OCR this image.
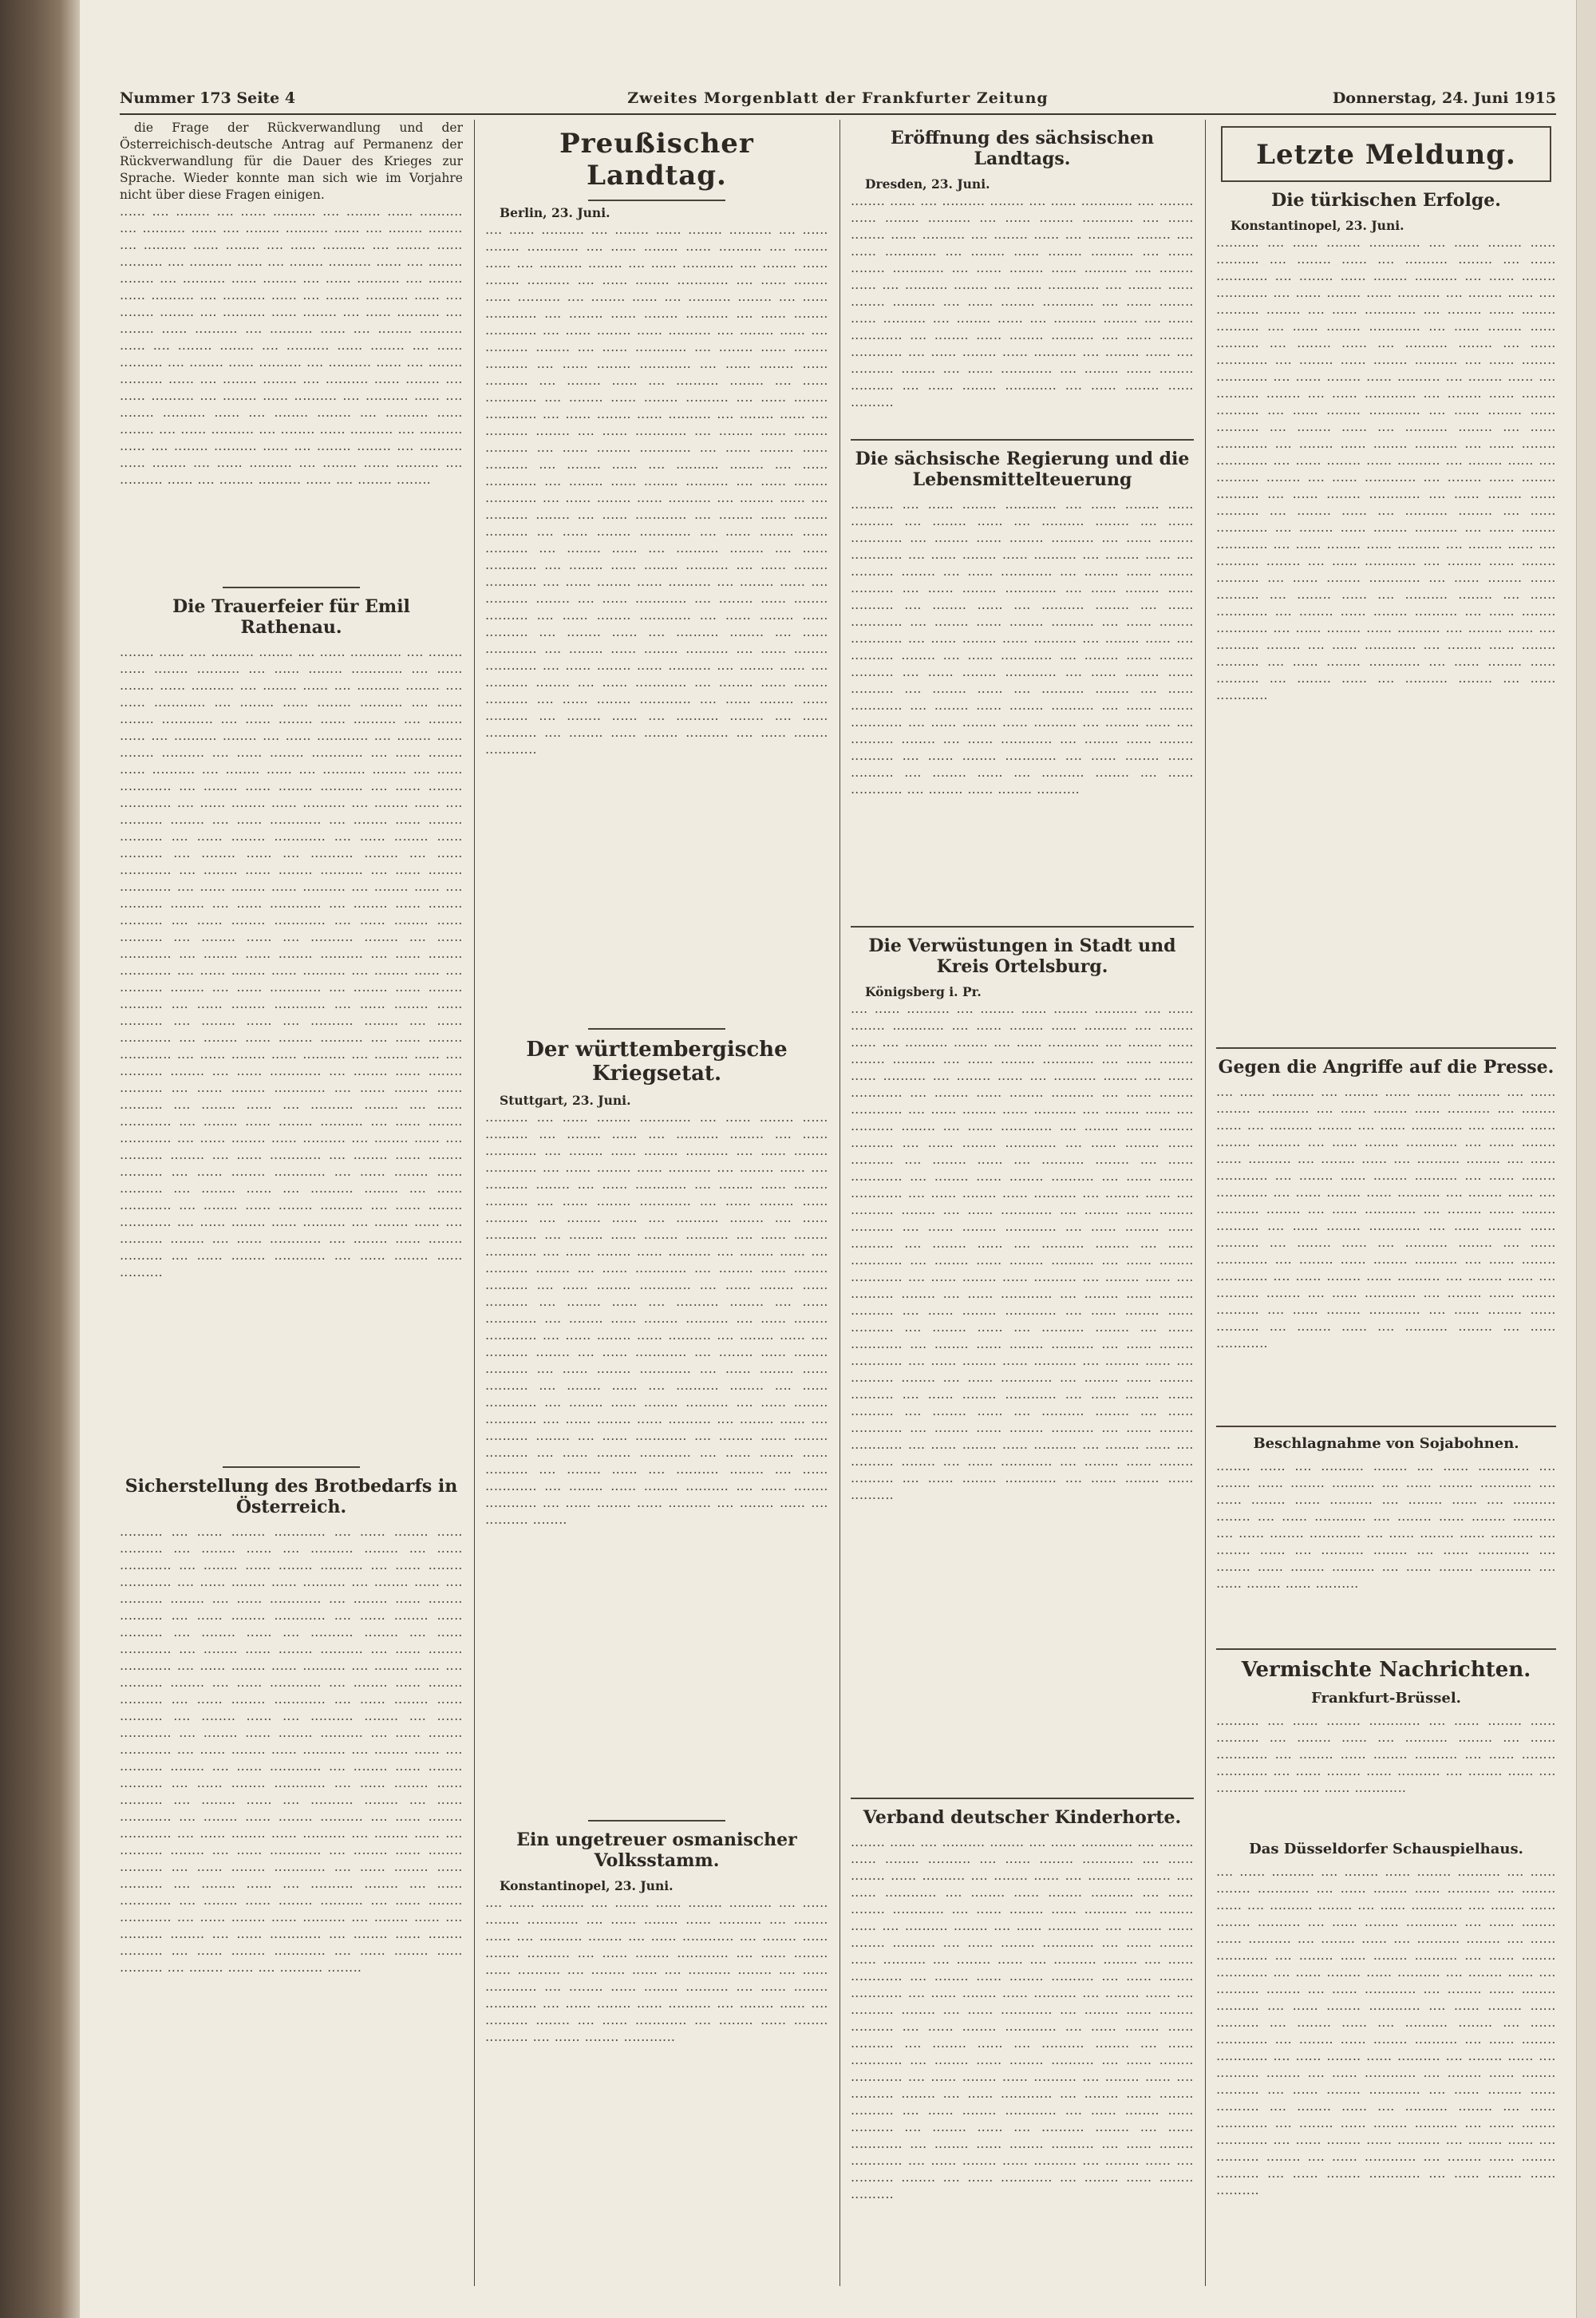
Nummer 173 Seite 4	Zweites Morgenblatt der Frankfurter Zeitung	Donnerstag, 24. Juni 1915

die Frage der Rückverwandlung und der Österreichisch-deutsche Antrag auf Permanenz der Rückverwandlung für die Dauer des Krieges zur Sprache. Wieder konnte man sich wie im Vorjahre nicht über diese Fragen einigen.

‥‥‥ ‥‥ ‥‥‥‥ ‥‥ ‥‥‥ ‥‥‥‥‥ ‥‥ ‥‥‥‥ ‥‥‥ ‥‥‥‥‥ ‥‥ ‥‥‥‥‥ ‥‥‥ ‥‥ ‥‥‥‥ ‥‥‥‥‥ ‥‥‥ ‥‥ ‥‥‥‥ ‥‥‥‥ ‥‥ ‥‥‥‥‥ ‥‥‥ ‥‥‥‥ ‥‥ ‥‥‥ ‥‥‥‥‥ ‥‥ ‥‥‥‥ ‥‥‥ ‥‥‥‥‥ ‥‥ ‥‥‥‥‥ ‥‥‥ ‥‥ ‥‥‥‥ ‥‥‥‥‥ ‥‥‥ ‥‥ ‥‥‥‥ ‥‥‥‥ ‥‥ ‥‥‥‥‥ ‥‥‥ ‥‥‥‥ ‥‥ ‥‥‥ ‥‥‥‥‥ ‥‥ ‥‥‥‥ ‥‥‥ ‥‥‥‥‥ ‥‥ ‥‥‥‥‥ ‥‥‥ ‥‥ ‥‥‥‥ ‥‥‥‥‥ ‥‥‥ ‥‥ ‥‥‥‥ ‥‥‥‥ ‥‥ ‥‥‥‥‥ ‥‥‥ ‥‥‥‥ ‥‥ ‥‥‥ ‥‥‥‥‥ ‥‥ ‥‥‥‥ ‥‥‥ ‥‥‥‥‥ ‥‥ ‥‥‥‥‥ ‥‥‥ ‥‥ ‥‥‥‥ ‥‥‥‥‥ ‥‥‥ ‥‥ ‥‥‥‥ ‥‥‥‥ ‥‥ ‥‥‥‥‥ ‥‥‥ ‥‥‥‥ ‥‥ ‥‥‥ ‥‥‥‥‥ ‥‥ ‥‥‥‥ ‥‥‥ ‥‥‥‥‥ ‥‥ ‥‥‥‥‥ ‥‥‥ ‥‥ ‥‥‥‥ ‥‥‥‥‥ ‥‥‥ ‥‥ ‥‥‥‥ ‥‥‥‥ ‥‥ ‥‥‥‥‥ ‥‥‥ ‥‥‥‥ ‥‥ ‥‥‥ ‥‥‥‥‥ ‥‥ ‥‥‥‥ ‥‥‥ ‥‥‥‥‥ ‥‥ ‥‥‥‥‥ ‥‥‥ ‥‥ ‥‥‥‥ ‥‥‥‥‥ ‥‥‥ ‥‥ ‥‥‥‥ ‥‥‥‥ ‥‥ ‥‥‥‥‥ ‥‥‥ ‥‥‥‥ ‥‥ ‥‥‥ ‥‥‥‥‥ ‥‥ ‥‥‥‥ ‥‥‥ ‥‥‥‥‥ ‥‥ ‥‥‥‥‥ ‥‥‥ ‥‥ ‥‥‥‥ ‥‥‥‥‥ ‥‥‥ ‥‥ ‥‥‥‥ ‥‥‥‥ ‥‥ ‥‥‥‥‥ ‥‥‥ ‥‥‥‥ ‥‥ ‥‥‥ ‥‥‥‥‥ ‥‥ ‥‥‥‥ ‥‥‥ ‥‥‥‥‥ ‥‥ ‥‥‥‥‥ ‥‥‥ ‥‥ ‥‥‥‥ ‥‥‥‥‥ ‥‥‥ ‥‥ ‥‥‥‥ ‥‥‥‥
Die Trauerfeier für Emil Rathenau.
‥‥‥‥ ‥‥‥ ‥‥ ‥‥‥‥‥ ‥‥‥‥ ‥‥ ‥‥‥ ‥‥‥‥‥‥ ‥‥ ‥‥‥‥ ‥‥‥ ‥‥‥‥ ‥‥‥‥‥ ‥‥ ‥‥‥ ‥‥‥‥ ‥‥‥‥‥‥ ‥‥ ‥‥‥ ‥‥‥‥ ‥‥‥ ‥‥‥‥‥ ‥‥ ‥‥‥‥ ‥‥‥ ‥‥ ‥‥‥‥‥ ‥‥‥‥ ‥‥ ‥‥‥ ‥‥‥‥‥‥ ‥‥ ‥‥‥‥ ‥‥‥ ‥‥‥‥ ‥‥‥‥‥ ‥‥ ‥‥‥ ‥‥‥‥ ‥‥‥‥‥‥ ‥‥ ‥‥‥ ‥‥‥‥ ‥‥‥ ‥‥‥‥‥ ‥‥ ‥‥‥‥ ‥‥‥ ‥‥ ‥‥‥‥‥ ‥‥‥‥ ‥‥ ‥‥‥ ‥‥‥‥‥‥ ‥‥ ‥‥‥‥ ‥‥‥ ‥‥‥‥ ‥‥‥‥‥ ‥‥ ‥‥‥ ‥‥‥‥ ‥‥‥‥‥‥ ‥‥ ‥‥‥ ‥‥‥‥ ‥‥‥ ‥‥‥‥‥ ‥‥ ‥‥‥‥ ‥‥‥ ‥‥ ‥‥‥‥‥ ‥‥‥‥ ‥‥ ‥‥‥ ‥‥‥‥‥‥ ‥‥ ‥‥‥‥ ‥‥‥ ‥‥‥‥ ‥‥‥‥‥ ‥‥ ‥‥‥ ‥‥‥‥ ‥‥‥‥‥‥ ‥‥ ‥‥‥ ‥‥‥‥ ‥‥‥ ‥‥‥‥‥ ‥‥ ‥‥‥‥ ‥‥‥ ‥‥ ‥‥‥‥‥ ‥‥‥‥ ‥‥ ‥‥‥ ‥‥‥‥‥‥ ‥‥ ‥‥‥‥ ‥‥‥ ‥‥‥‥ ‥‥‥‥‥ ‥‥ ‥‥‥ ‥‥‥‥ ‥‥‥‥‥‥ ‥‥ ‥‥‥ ‥‥‥‥ ‥‥‥ ‥‥‥‥‥ ‥‥ ‥‥‥‥ ‥‥‥ ‥‥ ‥‥‥‥‥ ‥‥‥‥ ‥‥ ‥‥‥ ‥‥‥‥‥‥ ‥‥ ‥‥‥‥ ‥‥‥ ‥‥‥‥ ‥‥‥‥‥ ‥‥ ‥‥‥ ‥‥‥‥ ‥‥‥‥‥‥ ‥‥ ‥‥‥ ‥‥‥‥ ‥‥‥ ‥‥‥‥‥ ‥‥ ‥‥‥‥ ‥‥‥ ‥‥ ‥‥‥‥‥ ‥‥‥‥ ‥‥ ‥‥‥ ‥‥‥‥‥‥ ‥‥ ‥‥‥‥ ‥‥‥ ‥‥‥‥ ‥‥‥‥‥ ‥‥ ‥‥‥ ‥‥‥‥ ‥‥‥‥‥‥ ‥‥ ‥‥‥ ‥‥‥‥ ‥‥‥ ‥‥‥‥‥ ‥‥ ‥‥‥‥ ‥‥‥ ‥‥ ‥‥‥‥‥ ‥‥‥‥ ‥‥ ‥‥‥ ‥‥‥‥‥‥ ‥‥ ‥‥‥‥ ‥‥‥ ‥‥‥‥ ‥‥‥‥‥ ‥‥ ‥‥‥ ‥‥‥‥ ‥‥‥‥‥‥ ‥‥ ‥‥‥ ‥‥‥‥ ‥‥‥ ‥‥‥‥‥ ‥‥ ‥‥‥‥ ‥‥‥ ‥‥ ‥‥‥‥‥ ‥‥‥‥ ‥‥ ‥‥‥ ‥‥‥‥‥‥ ‥‥ ‥‥‥‥ ‥‥‥ ‥‥‥‥ ‥‥‥‥‥ ‥‥ ‥‥‥ ‥‥‥‥ ‥‥‥‥‥‥ ‥‥ ‥‥‥ ‥‥‥‥ ‥‥‥ ‥‥‥‥‥ ‥‥ ‥‥‥‥ ‥‥‥ ‥‥ ‥‥‥‥‥ ‥‥‥‥ ‥‥ ‥‥‥ ‥‥‥‥‥‥ ‥‥ ‥‥‥‥ ‥‥‥ ‥‥‥‥ ‥‥‥‥‥ ‥‥ ‥‥‥ ‥‥‥‥ ‥‥‥‥‥‥ ‥‥ ‥‥‥ ‥‥‥‥ ‥‥‥ ‥‥‥‥‥ ‥‥ ‥‥‥‥ ‥‥‥ ‥‥ ‥‥‥‥‥ ‥‥‥‥ ‥‥ ‥‥‥ ‥‥‥‥‥‥ ‥‥ ‥‥‥‥ ‥‥‥ ‥‥‥‥ ‥‥‥‥‥ ‥‥ ‥‥‥ ‥‥‥‥ ‥‥‥‥‥‥ ‥‥ ‥‥‥ ‥‥‥‥ ‥‥‥ ‥‥‥‥‥ ‥‥ ‥‥‥‥ ‥‥‥ ‥‥ ‥‥‥‥‥ ‥‥‥‥ ‥‥ ‥‥‥ ‥‥‥‥‥‥ ‥‥ ‥‥‥‥ ‥‥‥ ‥‥‥‥ ‥‥‥‥‥ ‥‥ ‥‥‥ ‥‥‥‥ ‥‥‥‥‥‥ ‥‥ ‥‥‥ ‥‥‥‥ ‥‥‥ ‥‥‥‥‥ ‥‥ ‥‥‥‥ ‥‥‥ ‥‥ ‥‥‥‥‥ ‥‥‥‥ ‥‥ ‥‥‥ ‥‥‥‥‥‥ ‥‥ ‥‥‥‥ ‥‥‥ ‥‥‥‥ ‥‥‥‥‥ ‥‥ ‥‥‥ ‥‥‥‥ ‥‥‥‥‥‥ ‥‥ ‥‥‥ ‥‥‥‥ ‥‥‥ ‥‥‥‥‥ ‥‥ ‥‥‥‥ ‥‥‥ ‥‥ ‥‥‥‥‥ ‥‥‥‥ ‥‥ ‥‥‥ ‥‥‥‥‥‥ ‥‥ ‥‥‥‥ ‥‥‥ ‥‥‥‥ ‥‥‥‥‥ ‥‥ ‥‥‥ ‥‥‥‥ ‥‥‥‥‥‥ ‥‥ ‥‥‥ ‥‥‥‥ ‥‥‥ ‥‥‥‥‥ ‥‥ ‥‥‥‥ ‥‥‥ ‥‥ ‥‥‥‥‥ ‥‥‥‥ ‥‥ ‥‥‥ ‥‥‥‥‥‥ ‥‥ ‥‥‥‥ ‥‥‥ ‥‥‥‥ ‥‥‥‥‥ ‥‥ ‥‥‥ ‥‥‥‥ ‥‥‥‥‥‥ ‥‥ ‥‥‥ ‥‥‥‥ ‥‥‥ ‥‥‥‥‥
Sicherstellung des Brotbedarfs in Österreich.
‥‥‥‥‥ ‥‥ ‥‥‥ ‥‥‥‥ ‥‥‥‥‥‥ ‥‥ ‥‥‥ ‥‥‥‥ ‥‥‥ ‥‥‥‥‥ ‥‥ ‥‥‥‥ ‥‥‥ ‥‥ ‥‥‥‥‥ ‥‥‥‥ ‥‥ ‥‥‥ ‥‥‥‥‥‥ ‥‥ ‥‥‥‥ ‥‥‥ ‥‥‥‥ ‥‥‥‥‥ ‥‥ ‥‥‥ ‥‥‥‥ ‥‥‥‥‥‥ ‥‥ ‥‥‥ ‥‥‥‥ ‥‥‥ ‥‥‥‥‥ ‥‥ ‥‥‥‥ ‥‥‥ ‥‥ ‥‥‥‥‥ ‥‥‥‥ ‥‥ ‥‥‥ ‥‥‥‥‥‥ ‥‥ ‥‥‥‥ ‥‥‥ ‥‥‥‥ ‥‥‥‥‥ ‥‥ ‥‥‥ ‥‥‥‥ ‥‥‥‥‥‥ ‥‥ ‥‥‥ ‥‥‥‥ ‥‥‥ ‥‥‥‥‥ ‥‥ ‥‥‥‥ ‥‥‥ ‥‥ ‥‥‥‥‥ ‥‥‥‥ ‥‥ ‥‥‥ ‥‥‥‥‥‥ ‥‥ ‥‥‥‥ ‥‥‥ ‥‥‥‥ ‥‥‥‥‥ ‥‥ ‥‥‥ ‥‥‥‥ ‥‥‥‥‥‥ ‥‥ ‥‥‥ ‥‥‥‥ ‥‥‥ ‥‥‥‥‥ ‥‥ ‥‥‥‥ ‥‥‥ ‥‥ ‥‥‥‥‥ ‥‥‥‥ ‥‥ ‥‥‥ ‥‥‥‥‥‥ ‥‥ ‥‥‥‥ ‥‥‥ ‥‥‥‥ ‥‥‥‥‥ ‥‥ ‥‥‥ ‥‥‥‥ ‥‥‥‥‥‥ ‥‥ ‥‥‥ ‥‥‥‥ ‥‥‥ ‥‥‥‥‥ ‥‥ ‥‥‥‥ ‥‥‥ ‥‥ ‥‥‥‥‥ ‥‥‥‥ ‥‥ ‥‥‥ ‥‥‥‥‥‥ ‥‥ ‥‥‥‥ ‥‥‥ ‥‥‥‥ ‥‥‥‥‥ ‥‥ ‥‥‥ ‥‥‥‥ ‥‥‥‥‥‥ ‥‥ ‥‥‥ ‥‥‥‥ ‥‥‥ ‥‥‥‥‥ ‥‥ ‥‥‥‥ ‥‥‥ ‥‥ ‥‥‥‥‥ ‥‥‥‥ ‥‥ ‥‥‥ ‥‥‥‥‥‥ ‥‥ ‥‥‥‥ ‥‥‥ ‥‥‥‥ ‥‥‥‥‥ ‥‥ ‥‥‥ ‥‥‥‥ ‥‥‥‥‥‥ ‥‥ ‥‥‥ ‥‥‥‥ ‥‥‥ ‥‥‥‥‥ ‥‥ ‥‥‥‥ ‥‥‥ ‥‥ ‥‥‥‥‥ ‥‥‥‥ ‥‥ ‥‥‥ ‥‥‥‥‥‥ ‥‥ ‥‥‥‥ ‥‥‥ ‥‥‥‥ ‥‥‥‥‥ ‥‥ ‥‥‥ ‥‥‥‥ ‥‥‥‥‥‥ ‥‥ ‥‥‥ ‥‥‥‥ ‥‥‥ ‥‥‥‥‥ ‥‥ ‥‥‥‥ ‥‥‥ ‥‥ ‥‥‥‥‥ ‥‥‥‥ ‥‥ ‥‥‥ ‥‥‥‥‥‥ ‥‥ ‥‥‥‥ ‥‥‥ ‥‥‥‥ ‥‥‥‥‥ ‥‥ ‥‥‥ ‥‥‥‥ ‥‥‥‥‥‥ ‥‥ ‥‥‥ ‥‥‥‥ ‥‥‥ ‥‥‥‥‥ ‥‥ ‥‥‥‥ ‥‥‥ ‥‥ ‥‥‥‥‥ ‥‥‥‥ ‥‥ ‥‥‥ ‥‥‥‥‥‥ ‥‥ ‥‥‥‥ ‥‥‥ ‥‥‥‥ ‥‥‥‥‥ ‥‥ ‥‥‥ ‥‥‥‥ ‥‥‥‥‥‥ ‥‥ ‥‥‥ ‥‥‥‥ ‥‥‥ ‥‥‥‥‥ ‥‥ ‥‥‥‥ ‥‥‥ ‥‥ ‥‥‥‥‥ ‥‥‥‥ ‥‥ ‥‥‥ ‥‥‥‥‥‥ ‥‥ ‥‥‥‥ ‥‥‥ ‥‥‥‥ ‥‥‥‥‥ ‥‥ ‥‥‥ ‥‥‥‥ ‥‥‥‥‥‥ ‥‥ ‥‥‥ ‥‥‥‥ ‥‥‥ ‥‥‥‥‥ ‥‥ ‥‥‥‥ ‥‥‥ ‥‥ ‥‥‥‥‥ ‥‥‥‥
Preußischer Landtag.

Berlin, 23. Juni.

‥‥ ‥‥‥ ‥‥‥‥‥ ‥‥ ‥‥‥‥ ‥‥‥ ‥‥‥‥ ‥‥‥‥‥ ‥‥ ‥‥‥ ‥‥‥‥ ‥‥‥‥‥‥ ‥‥ ‥‥‥ ‥‥‥‥ ‥‥‥ ‥‥‥‥‥ ‥‥ ‥‥‥‥ ‥‥‥ ‥‥ ‥‥‥‥‥ ‥‥‥‥ ‥‥ ‥‥‥ ‥‥‥‥‥‥ ‥‥ ‥‥‥‥ ‥‥‥ ‥‥‥‥ ‥‥‥‥‥ ‥‥ ‥‥‥ ‥‥‥‥ ‥‥‥‥‥‥ ‥‥ ‥‥‥ ‥‥‥‥ ‥‥‥ ‥‥‥‥‥ ‥‥ ‥‥‥‥ ‥‥‥ ‥‥ ‥‥‥‥‥ ‥‥‥‥ ‥‥ ‥‥‥ ‥‥‥‥‥‥ ‥‥ ‥‥‥‥ ‥‥‥ ‥‥‥‥ ‥‥‥‥‥ ‥‥ ‥‥‥ ‥‥‥‥ ‥‥‥‥‥‥ ‥‥ ‥‥‥ ‥‥‥‥ ‥‥‥ ‥‥‥‥‥ ‥‥ ‥‥‥‥ ‥‥‥ ‥‥ ‥‥‥‥‥ ‥‥‥‥ ‥‥ ‥‥‥ ‥‥‥‥‥‥ ‥‥ ‥‥‥‥ ‥‥‥ ‥‥‥‥ ‥‥‥‥‥ ‥‥ ‥‥‥ ‥‥‥‥ ‥‥‥‥‥‥ ‥‥ ‥‥‥ ‥‥‥‥ ‥‥‥ ‥‥‥‥‥ ‥‥ ‥‥‥‥ ‥‥‥ ‥‥ ‥‥‥‥‥ ‥‥‥‥ ‥‥ ‥‥‥ ‥‥‥‥‥‥ ‥‥ ‥‥‥‥ ‥‥‥ ‥‥‥‥ ‥‥‥‥‥ ‥‥ ‥‥‥ ‥‥‥‥ ‥‥‥‥‥‥ ‥‥ ‥‥‥ ‥‥‥‥ ‥‥‥ ‥‥‥‥‥ ‥‥ ‥‥‥‥ ‥‥‥ ‥‥ ‥‥‥‥‥ ‥‥‥‥ ‥‥ ‥‥‥ ‥‥‥‥‥‥ ‥‥ ‥‥‥‥ ‥‥‥ ‥‥‥‥ ‥‥‥‥‥ ‥‥ ‥‥‥ ‥‥‥‥ ‥‥‥‥‥‥ ‥‥ ‥‥‥ ‥‥‥‥ ‥‥‥ ‥‥‥‥‥ ‥‥ ‥‥‥‥ ‥‥‥ ‥‥ ‥‥‥‥‥ ‥‥‥‥ ‥‥ ‥‥‥ ‥‥‥‥‥‥ ‥‥ ‥‥‥‥ ‥‥‥ ‥‥‥‥ ‥‥‥‥‥ ‥‥ ‥‥‥ ‥‥‥‥ ‥‥‥‥‥‥ ‥‥ ‥‥‥ ‥‥‥‥ ‥‥‥ ‥‥‥‥‥ ‥‥ ‥‥‥‥ ‥‥‥ ‥‥ ‥‥‥‥‥ ‥‥‥‥ ‥‥ ‥‥‥ ‥‥‥‥‥‥ ‥‥ ‥‥‥‥ ‥‥‥ ‥‥‥‥ ‥‥‥‥‥ ‥‥ ‥‥‥ ‥‥‥‥ ‥‥‥‥‥‥ ‥‥ ‥‥‥ ‥‥‥‥ ‥‥‥ ‥‥‥‥‥ ‥‥ ‥‥‥‥ ‥‥‥ ‥‥ ‥‥‥‥‥ ‥‥‥‥ ‥‥ ‥‥‥ ‥‥‥‥‥‥ ‥‥ ‥‥‥‥ ‥‥‥ ‥‥‥‥ ‥‥‥‥‥ ‥‥ ‥‥‥ ‥‥‥‥ ‥‥‥‥‥‥ ‥‥ ‥‥‥ ‥‥‥‥ ‥‥‥ ‥‥‥‥‥ ‥‥ ‥‥‥‥ ‥‥‥ ‥‥ ‥‥‥‥‥ ‥‥‥‥ ‥‥ ‥‥‥ ‥‥‥‥‥‥ ‥‥ ‥‥‥‥ ‥‥‥ ‥‥‥‥ ‥‥‥‥‥ ‥‥ ‥‥‥ ‥‥‥‥ ‥‥‥‥‥‥ ‥‥ ‥‥‥ ‥‥‥‥ ‥‥‥ ‥‥‥‥‥ ‥‥ ‥‥‥‥ ‥‥‥ ‥‥ ‥‥‥‥‥ ‥‥‥‥ ‥‥ ‥‥‥ ‥‥‥‥‥‥ ‥‥ ‥‥‥‥ ‥‥‥ ‥‥‥‥ ‥‥‥‥‥ ‥‥ ‥‥‥ ‥‥‥‥ ‥‥‥‥‥‥ ‥‥ ‥‥‥ ‥‥‥‥ ‥‥‥ ‥‥‥‥‥ ‥‥ ‥‥‥‥ ‥‥‥ ‥‥ ‥‥‥‥‥ ‥‥‥‥ ‥‥ ‥‥‥ ‥‥‥‥‥‥ ‥‥ ‥‥‥‥ ‥‥‥ ‥‥‥‥ ‥‥‥‥‥ ‥‥ ‥‥‥ ‥‥‥‥ ‥‥‥‥‥‥ ‥‥ ‥‥‥ ‥‥‥‥ ‥‥‥ ‥‥‥‥‥ ‥‥ ‥‥‥‥ ‥‥‥ ‥‥ ‥‥‥‥‥ ‥‥‥‥ ‥‥ ‥‥‥ ‥‥‥‥‥‥ ‥‥ ‥‥‥‥ ‥‥‥ ‥‥‥‥ ‥‥‥‥‥ ‥‥ ‥‥‥ ‥‥‥‥ ‥‥‥‥‥‥
Der württembergische Kriegsetat.

Stuttgart, 23. Juni.

‥‥‥‥‥ ‥‥ ‥‥‥ ‥‥‥‥ ‥‥‥‥‥‥ ‥‥ ‥‥‥ ‥‥‥‥ ‥‥‥ ‥‥‥‥‥ ‥‥ ‥‥‥‥ ‥‥‥ ‥‥ ‥‥‥‥‥ ‥‥‥‥ ‥‥ ‥‥‥ ‥‥‥‥‥‥ ‥‥ ‥‥‥‥ ‥‥‥ ‥‥‥‥ ‥‥‥‥‥ ‥‥ ‥‥‥ ‥‥‥‥ ‥‥‥‥‥‥ ‥‥ ‥‥‥ ‥‥‥‥ ‥‥‥ ‥‥‥‥‥ ‥‥ ‥‥‥‥ ‥‥‥ ‥‥ ‥‥‥‥‥ ‥‥‥‥ ‥‥ ‥‥‥ ‥‥‥‥‥‥ ‥‥ ‥‥‥‥ ‥‥‥ ‥‥‥‥ ‥‥‥‥‥ ‥‥ ‥‥‥ ‥‥‥‥ ‥‥‥‥‥‥ ‥‥ ‥‥‥ ‥‥‥‥ ‥‥‥ ‥‥‥‥‥ ‥‥ ‥‥‥‥ ‥‥‥ ‥‥ ‥‥‥‥‥ ‥‥‥‥ ‥‥ ‥‥‥ ‥‥‥‥‥‥ ‥‥ ‥‥‥‥ ‥‥‥ ‥‥‥‥ ‥‥‥‥‥ ‥‥ ‥‥‥ ‥‥‥‥ ‥‥‥‥‥‥ ‥‥ ‥‥‥ ‥‥‥‥ ‥‥‥ ‥‥‥‥‥ ‥‥ ‥‥‥‥ ‥‥‥ ‥‥ ‥‥‥‥‥ ‥‥‥‥ ‥‥ ‥‥‥ ‥‥‥‥‥‥ ‥‥ ‥‥‥‥ ‥‥‥ ‥‥‥‥ ‥‥‥‥‥ ‥‥ ‥‥‥ ‥‥‥‥ ‥‥‥‥‥‥ ‥‥ ‥‥‥ ‥‥‥‥ ‥‥‥ ‥‥‥‥‥ ‥‥ ‥‥‥‥ ‥‥‥ ‥‥ ‥‥‥‥‥ ‥‥‥‥ ‥‥ ‥‥‥ ‥‥‥‥‥‥ ‥‥ ‥‥‥‥ ‥‥‥ ‥‥‥‥ ‥‥‥‥‥ ‥‥ ‥‥‥ ‥‥‥‥ ‥‥‥‥‥‥ ‥‥ ‥‥‥ ‥‥‥‥ ‥‥‥ ‥‥‥‥‥ ‥‥ ‥‥‥‥ ‥‥‥ ‥‥ ‥‥‥‥‥ ‥‥‥‥ ‥‥ ‥‥‥ ‥‥‥‥‥‥ ‥‥ ‥‥‥‥ ‥‥‥ ‥‥‥‥ ‥‥‥‥‥ ‥‥ ‥‥‥ ‥‥‥‥ ‥‥‥‥‥‥ ‥‥ ‥‥‥ ‥‥‥‥ ‥‥‥ ‥‥‥‥‥ ‥‥ ‥‥‥‥ ‥‥‥ ‥‥ ‥‥‥‥‥ ‥‥‥‥ ‥‥ ‥‥‥ ‥‥‥‥‥‥ ‥‥ ‥‥‥‥ ‥‥‥ ‥‥‥‥ ‥‥‥‥‥ ‥‥ ‥‥‥ ‥‥‥‥ ‥‥‥‥‥‥ ‥‥ ‥‥‥ ‥‥‥‥ ‥‥‥ ‥‥‥‥‥ ‥‥ ‥‥‥‥ ‥‥‥ ‥‥ ‥‥‥‥‥ ‥‥‥‥ ‥‥ ‥‥‥ ‥‥‥‥‥‥ ‥‥ ‥‥‥‥ ‥‥‥ ‥‥‥‥ ‥‥‥‥‥ ‥‥ ‥‥‥ ‥‥‥‥ ‥‥‥‥‥‥ ‥‥ ‥‥‥ ‥‥‥‥ ‥‥‥ ‥‥‥‥‥ ‥‥ ‥‥‥‥ ‥‥‥ ‥‥ ‥‥‥‥‥ ‥‥‥‥ ‥‥ ‥‥‥ ‥‥‥‥‥‥ ‥‥ ‥‥‥‥ ‥‥‥ ‥‥‥‥ ‥‥‥‥‥ ‥‥ ‥‥‥ ‥‥‥‥ ‥‥‥‥‥‥ ‥‥ ‥‥‥ ‥‥‥‥ ‥‥‥ ‥‥‥‥‥ ‥‥ ‥‥‥‥ ‥‥‥ ‥‥ ‥‥‥‥‥ ‥‥‥‥
Ein ungetreuer osmanischer Volksstamm.

Konstantinopel, 23. Juni.

‥‥ ‥‥‥ ‥‥‥‥‥ ‥‥ ‥‥‥‥ ‥‥‥ ‥‥‥‥ ‥‥‥‥‥ ‥‥ ‥‥‥ ‥‥‥‥ ‥‥‥‥‥‥ ‥‥ ‥‥‥ ‥‥‥‥ ‥‥‥ ‥‥‥‥‥ ‥‥ ‥‥‥‥ ‥‥‥ ‥‥ ‥‥‥‥‥ ‥‥‥‥ ‥‥ ‥‥‥ ‥‥‥‥‥‥ ‥‥ ‥‥‥‥ ‥‥‥ ‥‥‥‥ ‥‥‥‥‥ ‥‥ ‥‥‥ ‥‥‥‥ ‥‥‥‥‥‥ ‥‥ ‥‥‥ ‥‥‥‥ ‥‥‥ ‥‥‥‥‥ ‥‥ ‥‥‥‥ ‥‥‥ ‥‥ ‥‥‥‥‥ ‥‥‥‥ ‥‥ ‥‥‥ ‥‥‥‥‥‥ ‥‥ ‥‥‥‥ ‥‥‥ ‥‥‥‥ ‥‥‥‥‥ ‥‥ ‥‥‥ ‥‥‥‥ ‥‥‥‥‥‥ ‥‥ ‥‥‥ ‥‥‥‥ ‥‥‥ ‥‥‥‥‥ ‥‥ ‥‥‥‥ ‥‥‥ ‥‥ ‥‥‥‥‥ ‥‥‥‥ ‥‥ ‥‥‥ ‥‥‥‥‥‥ ‥‥ ‥‥‥‥ ‥‥‥ ‥‥‥‥ ‥‥‥‥‥ ‥‥ ‥‥‥ ‥‥‥‥ ‥‥‥‥‥‥
Eröffnung des sächsischen Landtags.

Dresden, 23. Juni.

‥‥‥‥ ‥‥‥ ‥‥ ‥‥‥‥‥ ‥‥‥‥ ‥‥ ‥‥‥ ‥‥‥‥‥‥ ‥‥ ‥‥‥‥ ‥‥‥ ‥‥‥‥ ‥‥‥‥‥ ‥‥ ‥‥‥ ‥‥‥‥ ‥‥‥‥‥‥ ‥‥ ‥‥‥ ‥‥‥‥ ‥‥‥ ‥‥‥‥‥ ‥‥ ‥‥‥‥ ‥‥‥ ‥‥ ‥‥‥‥‥ ‥‥‥‥ ‥‥ ‥‥‥ ‥‥‥‥‥‥ ‥‥ ‥‥‥‥ ‥‥‥ ‥‥‥‥ ‥‥‥‥‥ ‥‥ ‥‥‥ ‥‥‥‥ ‥‥‥‥‥‥ ‥‥ ‥‥‥ ‥‥‥‥ ‥‥‥ ‥‥‥‥‥ ‥‥ ‥‥‥‥ ‥‥‥ ‥‥ ‥‥‥‥‥ ‥‥‥‥ ‥‥ ‥‥‥ ‥‥‥‥‥‥ ‥‥ ‥‥‥‥ ‥‥‥ ‥‥‥‥ ‥‥‥‥‥ ‥‥ ‥‥‥ ‥‥‥‥ ‥‥‥‥‥‥ ‥‥ ‥‥‥ ‥‥‥‥ ‥‥‥ ‥‥‥‥‥ ‥‥ ‥‥‥‥ ‥‥‥ ‥‥ ‥‥‥‥‥ ‥‥‥‥ ‥‥ ‥‥‥ ‥‥‥‥‥‥ ‥‥ ‥‥‥‥ ‥‥‥ ‥‥‥‥ ‥‥‥‥‥ ‥‥ ‥‥‥ ‥‥‥‥ ‥‥‥‥‥‥ ‥‥ ‥‥‥ ‥‥‥‥ ‥‥‥ ‥‥‥‥‥ ‥‥ ‥‥‥‥ ‥‥‥ ‥‥ ‥‥‥‥‥ ‥‥‥‥ ‥‥ ‥‥‥ ‥‥‥‥‥‥ ‥‥ ‥‥‥‥ ‥‥‥ ‥‥‥‥ ‥‥‥‥‥ ‥‥ ‥‥‥ ‥‥‥‥ ‥‥‥‥‥‥ ‥‥ ‥‥‥ ‥‥‥‥ ‥‥‥ ‥‥‥‥‥
Die sächsische Regierung und die Lebensmittelteuerung
‥‥‥‥‥ ‥‥ ‥‥‥ ‥‥‥‥ ‥‥‥‥‥‥ ‥‥ ‥‥‥ ‥‥‥‥ ‥‥‥ ‥‥‥‥‥ ‥‥ ‥‥‥‥ ‥‥‥ ‥‥ ‥‥‥‥‥ ‥‥‥‥ ‥‥ ‥‥‥ ‥‥‥‥‥‥ ‥‥ ‥‥‥‥ ‥‥‥ ‥‥‥‥ ‥‥‥‥‥ ‥‥ ‥‥‥ ‥‥‥‥ ‥‥‥‥‥‥ ‥‥ ‥‥‥ ‥‥‥‥ ‥‥‥ ‥‥‥‥‥ ‥‥ ‥‥‥‥ ‥‥‥ ‥‥ ‥‥‥‥‥ ‥‥‥‥ ‥‥ ‥‥‥ ‥‥‥‥‥‥ ‥‥ ‥‥‥‥ ‥‥‥ ‥‥‥‥ ‥‥‥‥‥ ‥‥ ‥‥‥ ‥‥‥‥ ‥‥‥‥‥‥ ‥‥ ‥‥‥ ‥‥‥‥ ‥‥‥ ‥‥‥‥‥ ‥‥ ‥‥‥‥ ‥‥‥ ‥‥ ‥‥‥‥‥ ‥‥‥‥ ‥‥ ‥‥‥ ‥‥‥‥‥‥ ‥‥ ‥‥‥‥ ‥‥‥ ‥‥‥‥ ‥‥‥‥‥ ‥‥ ‥‥‥ ‥‥‥‥ ‥‥‥‥‥‥ ‥‥ ‥‥‥ ‥‥‥‥ ‥‥‥ ‥‥‥‥‥ ‥‥ ‥‥‥‥ ‥‥‥ ‥‥ ‥‥‥‥‥ ‥‥‥‥ ‥‥ ‥‥‥ ‥‥‥‥‥‥ ‥‥ ‥‥‥‥ ‥‥‥ ‥‥‥‥ ‥‥‥‥‥ ‥‥ ‥‥‥ ‥‥‥‥ ‥‥‥‥‥‥ ‥‥ ‥‥‥ ‥‥‥‥ ‥‥‥ ‥‥‥‥‥ ‥‥ ‥‥‥‥ ‥‥‥ ‥‥ ‥‥‥‥‥ ‥‥‥‥ ‥‥ ‥‥‥ ‥‥‥‥‥‥ ‥‥ ‥‥‥‥ ‥‥‥ ‥‥‥‥ ‥‥‥‥‥ ‥‥ ‥‥‥ ‥‥‥‥ ‥‥‥‥‥‥ ‥‥ ‥‥‥ ‥‥‥‥ ‥‥‥ ‥‥‥‥‥ ‥‥ ‥‥‥‥ ‥‥‥ ‥‥ ‥‥‥‥‥ ‥‥‥‥ ‥‥ ‥‥‥ ‥‥‥‥‥‥ ‥‥ ‥‥‥‥ ‥‥‥ ‥‥‥‥ ‥‥‥‥‥ ‥‥ ‥‥‥ ‥‥‥‥ ‥‥‥‥‥‥ ‥‥ ‥‥‥ ‥‥‥‥ ‥‥‥ ‥‥‥‥‥ ‥‥ ‥‥‥‥ ‥‥‥ ‥‥ ‥‥‥‥‥ ‥‥‥‥ ‥‥ ‥‥‥ ‥‥‥‥‥‥ ‥‥ ‥‥‥‥ ‥‥‥ ‥‥‥‥ ‥‥‥‥‥
Die Verwüstungen in Stadt und Kreis Ortelsburg.

Königsberg i. Pr.

‥‥ ‥‥‥ ‥‥‥‥‥ ‥‥ ‥‥‥‥ ‥‥‥ ‥‥‥‥ ‥‥‥‥‥ ‥‥ ‥‥‥ ‥‥‥‥ ‥‥‥‥‥‥ ‥‥ ‥‥‥ ‥‥‥‥ ‥‥‥ ‥‥‥‥‥ ‥‥ ‥‥‥‥ ‥‥‥ ‥‥ ‥‥‥‥‥ ‥‥‥‥ ‥‥ ‥‥‥ ‥‥‥‥‥‥ ‥‥ ‥‥‥‥ ‥‥‥ ‥‥‥‥ ‥‥‥‥‥ ‥‥ ‥‥‥ ‥‥‥‥ ‥‥‥‥‥‥ ‥‥ ‥‥‥ ‥‥‥‥ ‥‥‥ ‥‥‥‥‥ ‥‥ ‥‥‥‥ ‥‥‥ ‥‥ ‥‥‥‥‥ ‥‥‥‥ ‥‥ ‥‥‥ ‥‥‥‥‥‥ ‥‥ ‥‥‥‥ ‥‥‥ ‥‥‥‥ ‥‥‥‥‥ ‥‥ ‥‥‥ ‥‥‥‥ ‥‥‥‥‥‥ ‥‥ ‥‥‥ ‥‥‥‥ ‥‥‥ ‥‥‥‥‥ ‥‥ ‥‥‥‥ ‥‥‥ ‥‥ ‥‥‥‥‥ ‥‥‥‥ ‥‥ ‥‥‥ ‥‥‥‥‥‥ ‥‥ ‥‥‥‥ ‥‥‥ ‥‥‥‥ ‥‥‥‥‥ ‥‥ ‥‥‥ ‥‥‥‥ ‥‥‥‥‥‥ ‥‥ ‥‥‥ ‥‥‥‥ ‥‥‥ ‥‥‥‥‥ ‥‥ ‥‥‥‥ ‥‥‥ ‥‥ ‥‥‥‥‥ ‥‥‥‥ ‥‥ ‥‥‥ ‥‥‥‥‥‥ ‥‥ ‥‥‥‥ ‥‥‥ ‥‥‥‥ ‥‥‥‥‥ ‥‥ ‥‥‥ ‥‥‥‥ ‥‥‥‥‥‥ ‥‥ ‥‥‥ ‥‥‥‥ ‥‥‥ ‥‥‥‥‥ ‥‥ ‥‥‥‥ ‥‥‥ ‥‥ ‥‥‥‥‥ ‥‥‥‥ ‥‥ ‥‥‥ ‥‥‥‥‥‥ ‥‥ ‥‥‥‥ ‥‥‥ ‥‥‥‥ ‥‥‥‥‥ ‥‥ ‥‥‥ ‥‥‥‥ ‥‥‥‥‥‥ ‥‥ ‥‥‥ ‥‥‥‥ ‥‥‥ ‥‥‥‥‥ ‥‥ ‥‥‥‥ ‥‥‥ ‥‥ ‥‥‥‥‥ ‥‥‥‥ ‥‥ ‥‥‥ ‥‥‥‥‥‥ ‥‥ ‥‥‥‥ ‥‥‥ ‥‥‥‥ ‥‥‥‥‥ ‥‥ ‥‥‥ ‥‥‥‥ ‥‥‥‥‥‥ ‥‥ ‥‥‥ ‥‥‥‥ ‥‥‥ ‥‥‥‥‥ ‥‥ ‥‥‥‥ ‥‥‥ ‥‥ ‥‥‥‥‥ ‥‥‥‥ ‥‥ ‥‥‥ ‥‥‥‥‥‥ ‥‥ ‥‥‥‥ ‥‥‥ ‥‥‥‥ ‥‥‥‥‥ ‥‥ ‥‥‥ ‥‥‥‥ ‥‥‥‥‥‥ ‥‥ ‥‥‥ ‥‥‥‥ ‥‥‥ ‥‥‥‥‥ ‥‥ ‥‥‥‥ ‥‥‥ ‥‥ ‥‥‥‥‥ ‥‥‥‥ ‥‥ ‥‥‥ ‥‥‥‥‥‥ ‥‥ ‥‥‥‥ ‥‥‥ ‥‥‥‥ ‥‥‥‥‥ ‥‥ ‥‥‥ ‥‥‥‥ ‥‥‥‥‥‥ ‥‥ ‥‥‥ ‥‥‥‥ ‥‥‥ ‥‥‥‥‥ ‥‥ ‥‥‥‥ ‥‥‥ ‥‥ ‥‥‥‥‥ ‥‥‥‥ ‥‥ ‥‥‥ ‥‥‥‥‥‥ ‥‥ ‥‥‥‥ ‥‥‥ ‥‥‥‥ ‥‥‥‥‥ ‥‥ ‥‥‥ ‥‥‥‥ ‥‥‥‥‥‥ ‥‥ ‥‥‥ ‥‥‥‥ ‥‥‥ ‥‥‥‥‥ ‥‥ ‥‥‥‥ ‥‥‥ ‥‥ ‥‥‥‥‥ ‥‥‥‥ ‥‥ ‥‥‥ ‥‥‥‥‥‥ ‥‥ ‥‥‥‥ ‥‥‥ ‥‥‥‥ ‥‥‥‥‥ ‥‥ ‥‥‥ ‥‥‥‥ ‥‥‥‥‥‥ ‥‥ ‥‥‥ ‥‥‥‥ ‥‥‥ ‥‥‥‥‥ ‥‥ ‥‥‥‥ ‥‥‥ ‥‥ ‥‥‥‥‥ ‥‥‥‥ ‥‥ ‥‥‥ ‥‥‥‥‥‥ ‥‥ ‥‥‥‥ ‥‥‥ ‥‥‥‥ ‥‥‥‥‥ ‥‥ ‥‥‥ ‥‥‥‥ ‥‥‥‥‥‥ ‥‥ ‥‥‥ ‥‥‥‥ ‥‥‥ ‥‥‥‥‥
Verband deutscher Kinderhorte.
‥‥‥‥ ‥‥‥ ‥‥ ‥‥‥‥‥ ‥‥‥‥ ‥‥ ‥‥‥ ‥‥‥‥‥‥ ‥‥ ‥‥‥‥ ‥‥‥ ‥‥‥‥ ‥‥‥‥‥ ‥‥ ‥‥‥ ‥‥‥‥ ‥‥‥‥‥‥ ‥‥ ‥‥‥ ‥‥‥‥ ‥‥‥ ‥‥‥‥‥ ‥‥ ‥‥‥‥ ‥‥‥ ‥‥ ‥‥‥‥‥ ‥‥‥‥ ‥‥ ‥‥‥ ‥‥‥‥‥‥ ‥‥ ‥‥‥‥ ‥‥‥ ‥‥‥‥ ‥‥‥‥‥ ‥‥ ‥‥‥ ‥‥‥‥ ‥‥‥‥‥‥ ‥‥ ‥‥‥ ‥‥‥‥ ‥‥‥ ‥‥‥‥‥ ‥‥ ‥‥‥‥ ‥‥‥ ‥‥ ‥‥‥‥‥ ‥‥‥‥ ‥‥ ‥‥‥ ‥‥‥‥‥‥ ‥‥ ‥‥‥‥ ‥‥‥ ‥‥‥‥ ‥‥‥‥‥ ‥‥ ‥‥‥ ‥‥‥‥ ‥‥‥‥‥‥ ‥‥ ‥‥‥ ‥‥‥‥ ‥‥‥ ‥‥‥‥‥ ‥‥ ‥‥‥‥ ‥‥‥ ‥‥ ‥‥‥‥‥ ‥‥‥‥ ‥‥ ‥‥‥ ‥‥‥‥‥‥ ‥‥ ‥‥‥‥ ‥‥‥ ‥‥‥‥ ‥‥‥‥‥ ‥‥ ‥‥‥ ‥‥‥‥ ‥‥‥‥‥‥ ‥‥ ‥‥‥ ‥‥‥‥ ‥‥‥ ‥‥‥‥‥ ‥‥ ‥‥‥‥ ‥‥‥ ‥‥ ‥‥‥‥‥ ‥‥‥‥ ‥‥ ‥‥‥ ‥‥‥‥‥‥ ‥‥ ‥‥‥‥ ‥‥‥ ‥‥‥‥ ‥‥‥‥‥ ‥‥ ‥‥‥ ‥‥‥‥ ‥‥‥‥‥‥ ‥‥ ‥‥‥ ‥‥‥‥ ‥‥‥ ‥‥‥‥‥ ‥‥ ‥‥‥‥ ‥‥‥ ‥‥ ‥‥‥‥‥ ‥‥‥‥ ‥‥ ‥‥‥ ‥‥‥‥‥‥ ‥‥ ‥‥‥‥ ‥‥‥ ‥‥‥‥ ‥‥‥‥‥ ‥‥ ‥‥‥ ‥‥‥‥ ‥‥‥‥‥‥ ‥‥ ‥‥‥ ‥‥‥‥ ‥‥‥ ‥‥‥‥‥ ‥‥ ‥‥‥‥ ‥‥‥ ‥‥ ‥‥‥‥‥ ‥‥‥‥ ‥‥ ‥‥‥ ‥‥‥‥‥‥ ‥‥ ‥‥‥‥ ‥‥‥ ‥‥‥‥ ‥‥‥‥‥ ‥‥ ‥‥‥ ‥‥‥‥ ‥‥‥‥‥‥ ‥‥ ‥‥‥ ‥‥‥‥ ‥‥‥ ‥‥‥‥‥ ‥‥ ‥‥‥‥ ‥‥‥ ‥‥ ‥‥‥‥‥ ‥‥‥‥ ‥‥ ‥‥‥ ‥‥‥‥‥‥ ‥‥ ‥‥‥‥ ‥‥‥ ‥‥‥‥ ‥‥‥‥‥ ‥‥ ‥‥‥ ‥‥‥‥ ‥‥‥‥‥‥ ‥‥ ‥‥‥ ‥‥‥‥ ‥‥‥ ‥‥‥‥‥ ‥‥ ‥‥‥‥ ‥‥‥ ‥‥ ‥‥‥‥‥ ‥‥‥‥ ‥‥ ‥‥‥ ‥‥‥‥‥‥ ‥‥ ‥‥‥‥ ‥‥‥ ‥‥‥‥ ‥‥‥‥‥
Letzte Meldung.
Die türkischen Erfolge.

Konstantinopel, 23. Juni.

‥‥‥‥‥ ‥‥ ‥‥‥ ‥‥‥‥ ‥‥‥‥‥‥ ‥‥ ‥‥‥ ‥‥‥‥ ‥‥‥ ‥‥‥‥‥ ‥‥ ‥‥‥‥ ‥‥‥ ‥‥ ‥‥‥‥‥ ‥‥‥‥ ‥‥ ‥‥‥ ‥‥‥‥‥‥ ‥‥ ‥‥‥‥ ‥‥‥ ‥‥‥‥ ‥‥‥‥‥ ‥‥ ‥‥‥ ‥‥‥‥ ‥‥‥‥‥‥ ‥‥ ‥‥‥ ‥‥‥‥ ‥‥‥ ‥‥‥‥‥ ‥‥ ‥‥‥‥ ‥‥‥ ‥‥ ‥‥‥‥‥ ‥‥‥‥ ‥‥ ‥‥‥ ‥‥‥‥‥‥ ‥‥ ‥‥‥‥ ‥‥‥ ‥‥‥‥ ‥‥‥‥‥ ‥‥ ‥‥‥ ‥‥‥‥ ‥‥‥‥‥‥ ‥‥ ‥‥‥ ‥‥‥‥ ‥‥‥ ‥‥‥‥‥ ‥‥ ‥‥‥‥ ‥‥‥ ‥‥ ‥‥‥‥‥ ‥‥‥‥ ‥‥ ‥‥‥ ‥‥‥‥‥‥ ‥‥ ‥‥‥‥ ‥‥‥ ‥‥‥‥ ‥‥‥‥‥ ‥‥ ‥‥‥ ‥‥‥‥ ‥‥‥‥‥‥ ‥‥ ‥‥‥ ‥‥‥‥ ‥‥‥ ‥‥‥‥‥ ‥‥ ‥‥‥‥ ‥‥‥ ‥‥ ‥‥‥‥‥ ‥‥‥‥ ‥‥ ‥‥‥ ‥‥‥‥‥‥ ‥‥ ‥‥‥‥ ‥‥‥ ‥‥‥‥ ‥‥‥‥‥ ‥‥ ‥‥‥ ‥‥‥‥ ‥‥‥‥‥‥ ‥‥ ‥‥‥ ‥‥‥‥ ‥‥‥ ‥‥‥‥‥ ‥‥ ‥‥‥‥ ‥‥‥ ‥‥ ‥‥‥‥‥ ‥‥‥‥ ‥‥ ‥‥‥ ‥‥‥‥‥‥ ‥‥ ‥‥‥‥ ‥‥‥ ‥‥‥‥ ‥‥‥‥‥ ‥‥ ‥‥‥ ‥‥‥‥ ‥‥‥‥‥‥ ‥‥ ‥‥‥ ‥‥‥‥ ‥‥‥ ‥‥‥‥‥ ‥‥ ‥‥‥‥ ‥‥‥ ‥‥ ‥‥‥‥‥ ‥‥‥‥ ‥‥ ‥‥‥ ‥‥‥‥‥‥ ‥‥ ‥‥‥‥ ‥‥‥ ‥‥‥‥ ‥‥‥‥‥ ‥‥ ‥‥‥ ‥‥‥‥ ‥‥‥‥‥‥ ‥‥ ‥‥‥ ‥‥‥‥ ‥‥‥ ‥‥‥‥‥ ‥‥ ‥‥‥‥ ‥‥‥ ‥‥ ‥‥‥‥‥ ‥‥‥‥ ‥‥ ‥‥‥ ‥‥‥‥‥‥ ‥‥ ‥‥‥‥ ‥‥‥ ‥‥‥‥ ‥‥‥‥‥ ‥‥ ‥‥‥ ‥‥‥‥ ‥‥‥‥‥‥ ‥‥ ‥‥‥ ‥‥‥‥ ‥‥‥ ‥‥‥‥‥ ‥‥ ‥‥‥‥ ‥‥‥ ‥‥ ‥‥‥‥‥ ‥‥‥‥ ‥‥ ‥‥‥ ‥‥‥‥‥‥ ‥‥ ‥‥‥‥ ‥‥‥ ‥‥‥‥ ‥‥‥‥‥ ‥‥ ‥‥‥ ‥‥‥‥ ‥‥‥‥‥‥ ‥‥ ‥‥‥ ‥‥‥‥ ‥‥‥ ‥‥‥‥‥ ‥‥ ‥‥‥‥ ‥‥‥ ‥‥ ‥‥‥‥‥ ‥‥‥‥ ‥‥ ‥‥‥ ‥‥‥‥‥‥ ‥‥ ‥‥‥‥ ‥‥‥ ‥‥‥‥ ‥‥‥‥‥ ‥‥ ‥‥‥ ‥‥‥‥ ‥‥‥‥‥‥ ‥‥ ‥‥‥ ‥‥‥‥ ‥‥‥ ‥‥‥‥‥ ‥‥ ‥‥‥‥ ‥‥‥ ‥‥ ‥‥‥‥‥ ‥‥‥‥ ‥‥ ‥‥‥ ‥‥‥‥‥‥ ‥‥ ‥‥‥‥ ‥‥‥ ‥‥‥‥ ‥‥‥‥‥ ‥‥ ‥‥‥ ‥‥‥‥ ‥‥‥‥‥‥ ‥‥ ‥‥‥ ‥‥‥‥ ‥‥‥ ‥‥‥‥‥ ‥‥ ‥‥‥‥ ‥‥‥ ‥‥ ‥‥‥‥‥ ‥‥‥‥ ‥‥ ‥‥‥ ‥‥‥‥‥‥
Gegen die Angriffe auf die Presse.
‥‥ ‥‥‥ ‥‥‥‥‥ ‥‥ ‥‥‥‥ ‥‥‥ ‥‥‥‥ ‥‥‥‥‥ ‥‥ ‥‥‥ ‥‥‥‥ ‥‥‥‥‥‥ ‥‥ ‥‥‥ ‥‥‥‥ ‥‥‥ ‥‥‥‥‥ ‥‥ ‥‥‥‥ ‥‥‥ ‥‥ ‥‥‥‥‥ ‥‥‥‥ ‥‥ ‥‥‥ ‥‥‥‥‥‥ ‥‥ ‥‥‥‥ ‥‥‥ ‥‥‥‥ ‥‥‥‥‥ ‥‥ ‥‥‥ ‥‥‥‥ ‥‥‥‥‥‥ ‥‥ ‥‥‥ ‥‥‥‥ ‥‥‥ ‥‥‥‥‥ ‥‥ ‥‥‥‥ ‥‥‥ ‥‥ ‥‥‥‥‥ ‥‥‥‥ ‥‥ ‥‥‥ ‥‥‥‥‥‥ ‥‥ ‥‥‥‥ ‥‥‥ ‥‥‥‥ ‥‥‥‥‥ ‥‥ ‥‥‥ ‥‥‥‥ ‥‥‥‥‥‥ ‥‥ ‥‥‥ ‥‥‥‥ ‥‥‥ ‥‥‥‥‥ ‥‥ ‥‥‥‥ ‥‥‥ ‥‥ ‥‥‥‥‥ ‥‥‥‥ ‥‥ ‥‥‥ ‥‥‥‥‥‥ ‥‥ ‥‥‥‥ ‥‥‥ ‥‥‥‥ ‥‥‥‥‥ ‥‥ ‥‥‥ ‥‥‥‥ ‥‥‥‥‥‥ ‥‥ ‥‥‥ ‥‥‥‥ ‥‥‥ ‥‥‥‥‥ ‥‥ ‥‥‥‥ ‥‥‥ ‥‥ ‥‥‥‥‥ ‥‥‥‥ ‥‥ ‥‥‥ ‥‥‥‥‥‥ ‥‥ ‥‥‥‥ ‥‥‥ ‥‥‥‥ ‥‥‥‥‥ ‥‥ ‥‥‥ ‥‥‥‥ ‥‥‥‥‥‥ ‥‥ ‥‥‥ ‥‥‥‥ ‥‥‥ ‥‥‥‥‥ ‥‥ ‥‥‥‥ ‥‥‥ ‥‥ ‥‥‥‥‥ ‥‥‥‥ ‥‥ ‥‥‥ ‥‥‥‥‥‥ ‥‥ ‥‥‥‥ ‥‥‥ ‥‥‥‥ ‥‥‥‥‥ ‥‥ ‥‥‥ ‥‥‥‥ ‥‥‥‥‥‥ ‥‥ ‥‥‥ ‥‥‥‥ ‥‥‥ ‥‥‥‥‥ ‥‥ ‥‥‥‥ ‥‥‥ ‥‥ ‥‥‥‥‥ ‥‥‥‥ ‥‥ ‥‥‥ ‥‥‥‥‥‥
Beschlagnahme von Sojabohnen.
‥‥‥‥ ‥‥‥ ‥‥ ‥‥‥‥‥ ‥‥‥‥ ‥‥ ‥‥‥ ‥‥‥‥‥‥ ‥‥ ‥‥‥‥ ‥‥‥ ‥‥‥‥ ‥‥‥‥‥ ‥‥ ‥‥‥ ‥‥‥‥ ‥‥‥‥‥‥ ‥‥ ‥‥‥ ‥‥‥‥ ‥‥‥ ‥‥‥‥‥ ‥‥ ‥‥‥‥ ‥‥‥ ‥‥ ‥‥‥‥‥ ‥‥‥‥ ‥‥ ‥‥‥ ‥‥‥‥‥‥ ‥‥ ‥‥‥‥ ‥‥‥ ‥‥‥‥ ‥‥‥‥‥ ‥‥ ‥‥‥ ‥‥‥‥ ‥‥‥‥‥‥ ‥‥ ‥‥‥ ‥‥‥‥ ‥‥‥ ‥‥‥‥‥ ‥‥ ‥‥‥‥ ‥‥‥ ‥‥ ‥‥‥‥‥ ‥‥‥‥ ‥‥ ‥‥‥ ‥‥‥‥‥‥ ‥‥ ‥‥‥‥ ‥‥‥ ‥‥‥‥ ‥‥‥‥‥ ‥‥ ‥‥‥ ‥‥‥‥ ‥‥‥‥‥‥ ‥‥ ‥‥‥ ‥‥‥‥ ‥‥‥ ‥‥‥‥‥
Vermischte Nachrichten.
Frankfurt-Brüssel.
‥‥‥‥‥ ‥‥ ‥‥‥ ‥‥‥‥ ‥‥‥‥‥‥ ‥‥ ‥‥‥ ‥‥‥‥ ‥‥‥ ‥‥‥‥‥ ‥‥ ‥‥‥‥ ‥‥‥ ‥‥ ‥‥‥‥‥ ‥‥‥‥ ‥‥ ‥‥‥ ‥‥‥‥‥‥ ‥‥ ‥‥‥‥ ‥‥‥ ‥‥‥‥ ‥‥‥‥‥ ‥‥ ‥‥‥ ‥‥‥‥ ‥‥‥‥‥‥ ‥‥ ‥‥‥ ‥‥‥‥ ‥‥‥ ‥‥‥‥‥ ‥‥ ‥‥‥‥ ‥‥‥ ‥‥ ‥‥‥‥‥ ‥‥‥‥ ‥‥ ‥‥‥ ‥‥‥‥‥‥
Das Düsseldorfer Schauspielhaus.
‥‥ ‥‥‥ ‥‥‥‥‥ ‥‥ ‥‥‥‥ ‥‥‥ ‥‥‥‥ ‥‥‥‥‥ ‥‥ ‥‥‥ ‥‥‥‥ ‥‥‥‥‥‥ ‥‥ ‥‥‥ ‥‥‥‥ ‥‥‥ ‥‥‥‥‥ ‥‥ ‥‥‥‥ ‥‥‥ ‥‥ ‥‥‥‥‥ ‥‥‥‥ ‥‥ ‥‥‥ ‥‥‥‥‥‥ ‥‥ ‥‥‥‥ ‥‥‥ ‥‥‥‥ ‥‥‥‥‥ ‥‥ ‥‥‥ ‥‥‥‥ ‥‥‥‥‥‥ ‥‥ ‥‥‥ ‥‥‥‥ ‥‥‥ ‥‥‥‥‥ ‥‥ ‥‥‥‥ ‥‥‥ ‥‥ ‥‥‥‥‥ ‥‥‥‥ ‥‥ ‥‥‥ ‥‥‥‥‥‥ ‥‥ ‥‥‥‥ ‥‥‥ ‥‥‥‥ ‥‥‥‥‥ ‥‥ ‥‥‥ ‥‥‥‥ ‥‥‥‥‥‥ ‥‥ ‥‥‥ ‥‥‥‥ ‥‥‥ ‥‥‥‥‥ ‥‥ ‥‥‥‥ ‥‥‥ ‥‥ ‥‥‥‥‥ ‥‥‥‥ ‥‥ ‥‥‥ ‥‥‥‥‥‥ ‥‥ ‥‥‥‥ ‥‥‥ ‥‥‥‥ ‥‥‥‥‥ ‥‥ ‥‥‥ ‥‥‥‥ ‥‥‥‥‥‥ ‥‥ ‥‥‥ ‥‥‥‥ ‥‥‥ ‥‥‥‥‥ ‥‥ ‥‥‥‥ ‥‥‥ ‥‥ ‥‥‥‥‥ ‥‥‥‥ ‥‥ ‥‥‥ ‥‥‥‥‥‥ ‥‥ ‥‥‥‥ ‥‥‥ ‥‥‥‥ ‥‥‥‥‥ ‥‥ ‥‥‥ ‥‥‥‥ ‥‥‥‥‥‥ ‥‥ ‥‥‥ ‥‥‥‥ ‥‥‥ ‥‥‥‥‥ ‥‥ ‥‥‥‥ ‥‥‥ ‥‥ ‥‥‥‥‥ ‥‥‥‥ ‥‥ ‥‥‥ ‥‥‥‥‥‥ ‥‥ ‥‥‥‥ ‥‥‥ ‥‥‥‥ ‥‥‥‥‥ ‥‥ ‥‥‥ ‥‥‥‥ ‥‥‥‥‥‥ ‥‥ ‥‥‥ ‥‥‥‥ ‥‥‥ ‥‥‥‥‥ ‥‥ ‥‥‥‥ ‥‥‥ ‥‥ ‥‥‥‥‥ ‥‥‥‥ ‥‥ ‥‥‥ ‥‥‥‥‥‥ ‥‥ ‥‥‥‥ ‥‥‥ ‥‥‥‥ ‥‥‥‥‥ ‥‥ ‥‥‥ ‥‥‥‥ ‥‥‥‥‥‥ ‥‥ ‥‥‥ ‥‥‥‥ ‥‥‥ ‥‥‥‥‥ ‥‥ ‥‥‥‥ ‥‥‥ ‥‥ ‥‥‥‥‥ ‥‥‥‥ ‥‥ ‥‥‥ ‥‥‥‥‥‥ ‥‥ ‥‥‥‥ ‥‥‥ ‥‥‥‥ ‥‥‥‥‥ ‥‥ ‥‥‥ ‥‥‥‥ ‥‥‥‥‥‥ ‥‥ ‥‥‥ ‥‥‥‥ ‥‥‥ ‥‥‥‥‥
